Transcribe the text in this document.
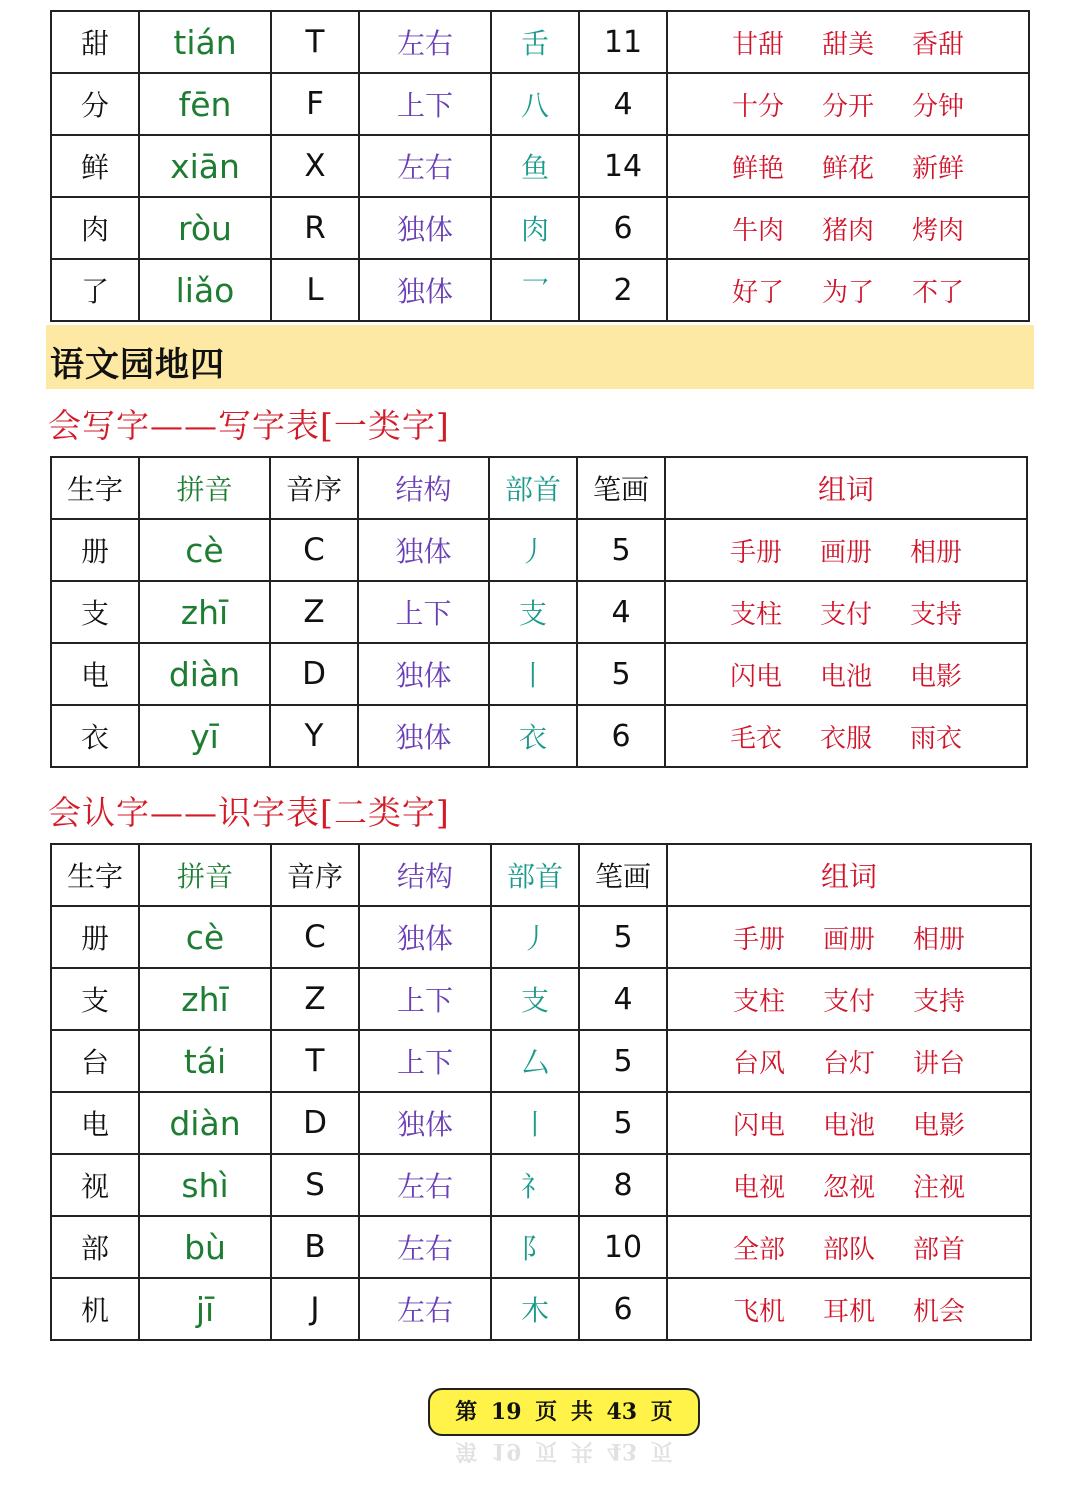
甜	tián	T	左右	舌	11	甘甜 甜美 香甜
分	fēn	F	上下	八	4	十分 分开 分钟
鲜	xiān	X	左右	鱼	14	鲜艳 鲜花 新鲜
肉	ròu	R	独体	肉	6	牛肉 猪肉 烤肉
了	liǎo	L	独体	乛	2	好了 为了 不了
语文园地四
会写字——写字表[一类字]
生字	拼音	音序	结构	部首	笔画	组词
册	cè	C	独体	丿	5	手册 画册 相册
支	zhī	Z	上下	支	4	支柱 支付 支持
电	diàn	D	独体	丨	5	闪电 电池 电影
衣	yī	Y	独体	衣	6	毛衣 衣服 雨衣
会认字——识字表[二类字]
生字	拼音	音序	结构	部首	笔画	组词
册	cè	C	独体	丿	5	手册 画册 相册
支	zhī	Z	上下	支	4	支柱 支付 支持
台	tái	T	上下	厶	5	台风 台灯 讲台
电	diàn	D	独体	丨	5	闪电 电池 电影
视	shì	S	左右	礻	8	电视 忽视 注视
部	bù	B	左右	阝	10	全部 部队 部首
机	jī	J	左右	木	6	飞机 耳机 机会
第 19 页 共 43 页
第 19 页 共 43 页
